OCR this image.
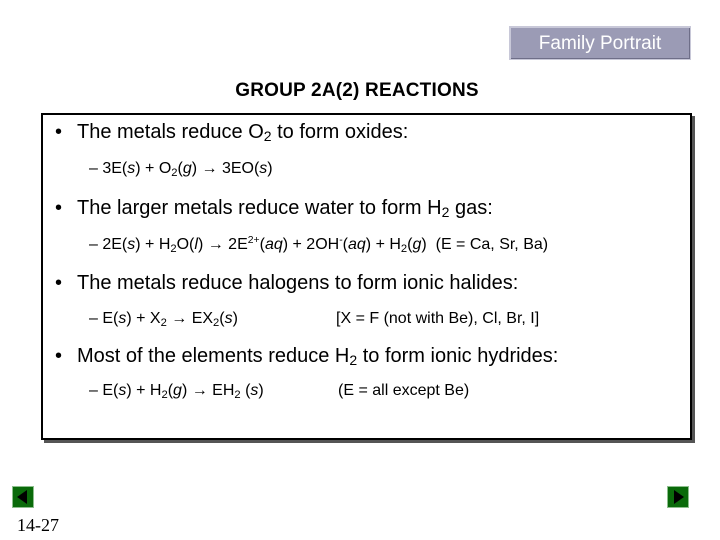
Family Portrait
GROUP 2A(2) REACTIONS
• The metals reduce $O_2$ to form oxides:
– $3E(s) + O_2(g) \to 3EO(s)$
• The larger metals reduce water to form $H_2$ gas:
– $2E(s) + H_2O(l) \to 2E^{2+}(aq) + 2OH^-(aq) + H_2(g) (E = Ca$, Sr, Ba)
• The metals reduce halogens to form ionic halides:
– $E(s) + X_2 \to EX_2(s)$	[X = F (not with Be), Cl, Br, I]
• Most of the elements reduce $H_2$ to form ionic hydrides:
– $E(s) + H_2(g) \to EH_2$ (s)	(E = all except Be)
14-27
